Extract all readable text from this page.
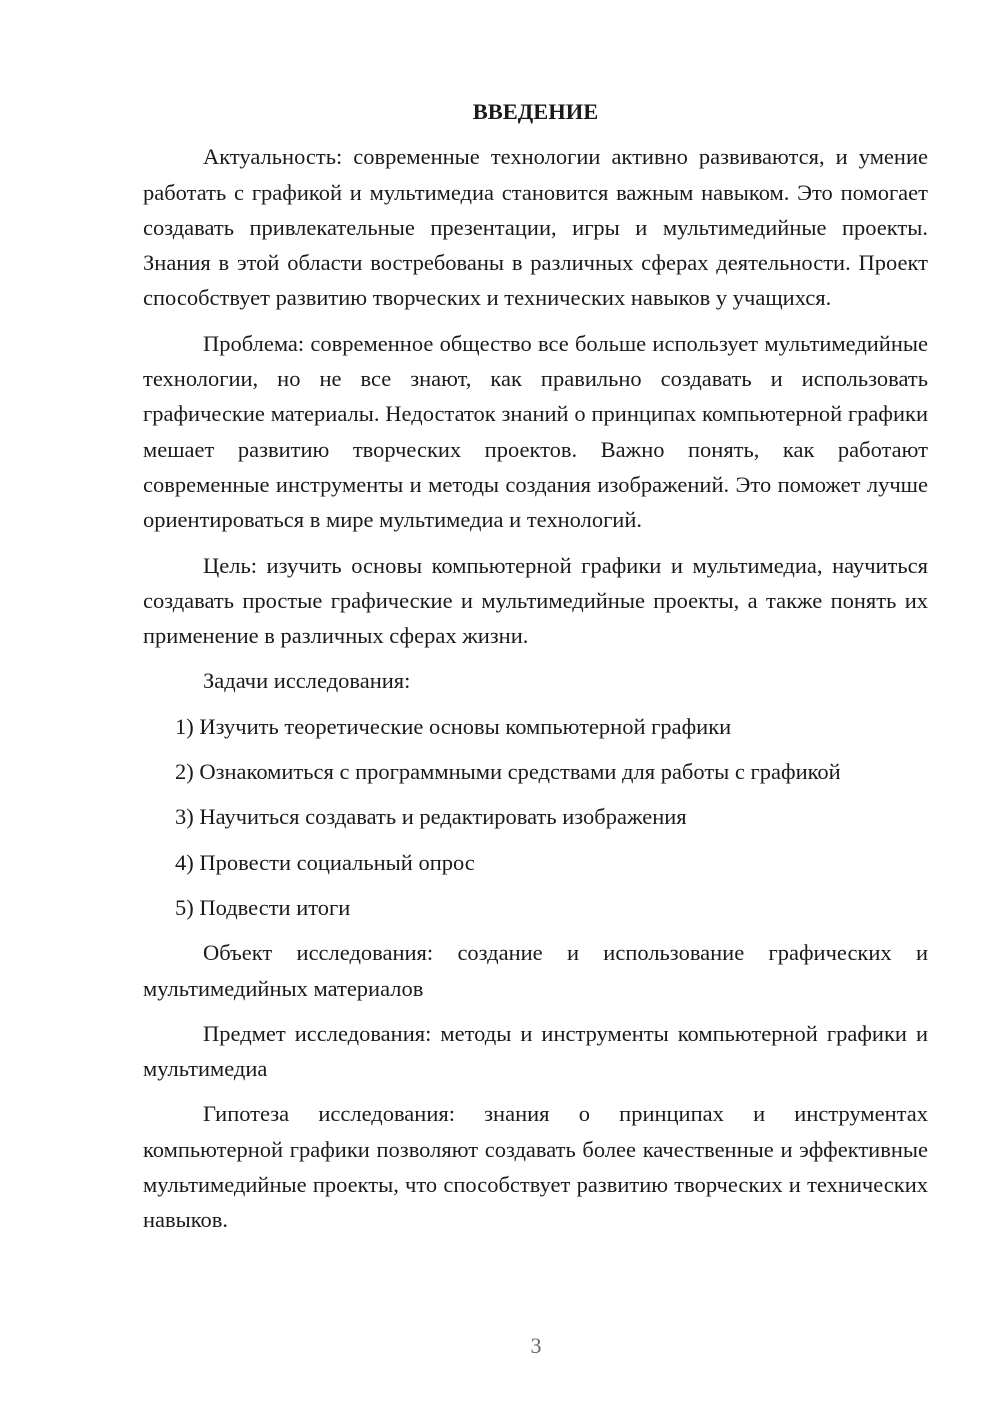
ВВЕДЕНИЕ

Актуальность: современные технологии активно развиваются, и умение работать с графикой и мультимедиа становится важным навыком. Это помогает создавать привлекательные презентации, игры и мультимедийные проекты. Знания в этой области востребованы в различных сферах деятельности. Проект способствует развитию творческих и технических навыков у учащихся.

Проблема: современное общество все больше использует мультимедийные технологии, но не все знают, как правильно создавать и использовать графические материалы. Недостаток знаний о принципах компьютерной графики мешает развитию творческих проектов. Важно понять, как работают современные инструменты и методы создания изображений. Это поможет лучше ориентироваться в мире мультимедиа и технологий.

Цель: изучить основы компьютерной графики и мультимедиа, научиться создавать простые графические и мультимедийные проекты, а также понять их применение в различных сферах жизни.

Задачи исследования:

1) Изучить теоретические основы компьютерной графики
2) Ознакомиться с программными средствами для работы с графикой
3) Научиться создавать и редактировать изображения
4) Провести социальный опрос
5) Подвести итоги

Объект исследования: создание и использование графических и мультимедийных материалов

Предмет исследования: методы и инструменты компьютерной графики и мультимедиа

Гипотеза исследования: знания о принципах и инструментах компьютерной графики позволяют создавать более качественные и эффективные мультимедийные проекты, что способствует развитию творческих и технических навыков.

3
